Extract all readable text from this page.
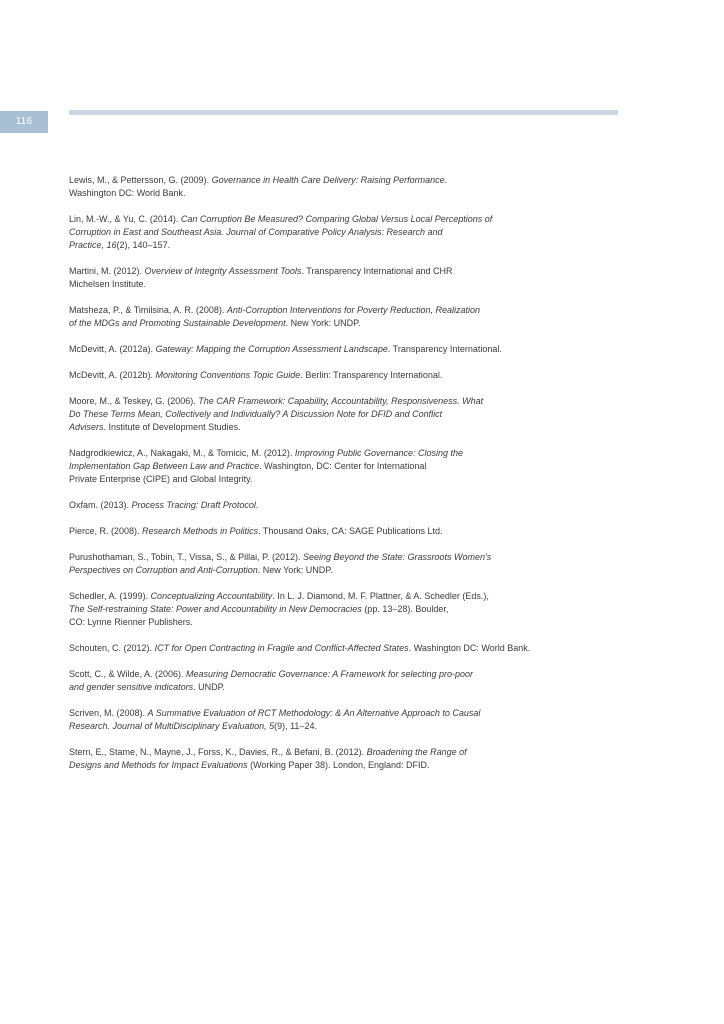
116
Lewis, M., & Pettersson, G. (2009). Governance in Health Care Delivery: Raising Performance.
Washington DC: World Bank.
Lin, M.-W., & Yu, C. (2014). Can Corruption Be Measured? Comparing Global Versus Local Perceptions of
Corruption in East and Southeast Asia. Journal of Comparative Policy Analysis: Research and
Practice, 16(2), 140–157.
Martini, M. (2012). Overview of Integrity Assessment Tools. Transparency International and CHR
Michelsen Institute.
Matsheza, P., & Timilsina, A. R. (2008). Anti-Corruption Interventions for Poverty Reduction, Realization
of the MDGs and Promoting Sustainable Development. New York: UNDP.
McDevitt, A. (2012a). Gateway: Mapping the Corruption Assessment Landscape. Transparency International.
McDevitt, A. (2012b). Monitoring Conventions Topic Guide. Berlin: Transparency International.
Moore, M., & Teskey, G. (2006). The CAR Framework: Capability, Accountability, Responsiveness. What
Do These Terms Mean, Collectively and Individually? A Discussion Note for DFID and Conflict
Advisers. Institute of Development Studies.
Nadgrodkiewicz, A., Nakagaki, M., & Tomicic, M. (2012). Improving Public Governance: Closing the
Implementation Gap Between Law and Practice. Washington, DC: Center for International
Private Enterprise (CIPE) and Global Integrity.
Oxfam. (2013). Process Tracing: Draft Protocol.
Pierce, R. (2008). Research Methods in Politics. Thousand Oaks, CA: SAGE Publications Ltd.
Purushothaman, S., Tobin, T., Vissa, S., & Pillai, P. (2012). Seeing Beyond the State: Grassroots Women's
Perspectives on Corruption and Anti-Corruption. New York: UNDP.
Schedler, A. (1999). Conceptualizing Accountability. In L. J. Diamond, M. F. Plattner, & A. Schedler (Eds.),
The Self-restraining State: Power and Accountability in New Democracies (pp. 13–28). Boulder,
CO: Lynne Rienner Publishers.
Schouten, C. (2012). ICT for Open Contracting in Fragile and Conflict-Affected States. Washington DC: World Bank.
Scott, C., & Wilde, A. (2006). Measuring Democratic Governance: A Framework for selecting pro-poor
and gender sensitive indicators. UNDP.
Scriven, M. (2008). A Summative Evaluation of RCT Methodology: & An Alternative Approach to Causal
Research. Journal of MultiDisciplinary Evaluation, 5(9), 11–24.
Stern, E., Stame, N., Mayne, J., Forss, K., Davies, R., & Befani, B. (2012). Broadening the Range of
Designs and Methods for Impact Evaluations (Working Paper 38). London, England: DFID.
